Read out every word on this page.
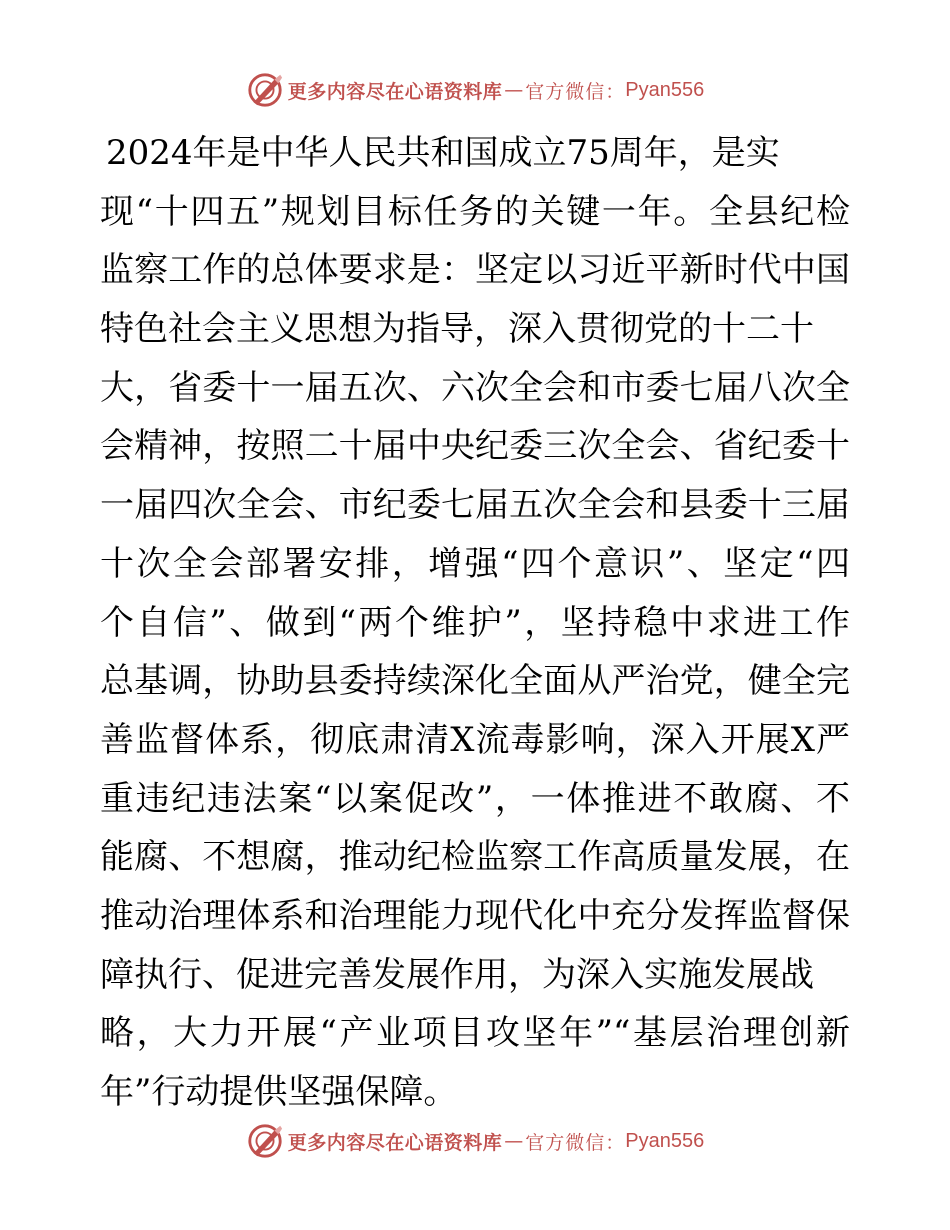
更多内容尽在心语资料库 — 官方微信： Pyan556
2024年是中华人民共和国成立75周年，是实
现“十四五”规划目标任务的关键一年。全县纪检
监察工作的总体要求是：坚定以习近平新时代中国
特色社会主义思想为指导，深入贯彻党的十二十
大，省委十一届五次、六次全会和市委七届八次全
会精神，按照二十届中央纪委三次全会、省纪委十
一届四次全会、市纪委七届五次全会和县委十三届
十次全会部署安排，增强“四个意识”、坚定“四
个自信”、做到“两个维护”，坚持稳中求进工作
总基调，协助县委持续深化全面从严治党，健全完
善监督体系，彻底肃清X流毒影响，深入开展X严
重违纪违法案“以案促改”，一体推进不敢腐、不
能腐、不想腐，推动纪检监察工作高质量发展，在
推动治理体系和治理能力现代化中充分发挥监督保
障执行、促进完善发展作用，为深入实施发展战
略，大力开展“产业项目攻坚年”“基层治理创新
年”行动提供坚强保障。
更多内容尽在心语资料库 — 官方微信： Pyan556
